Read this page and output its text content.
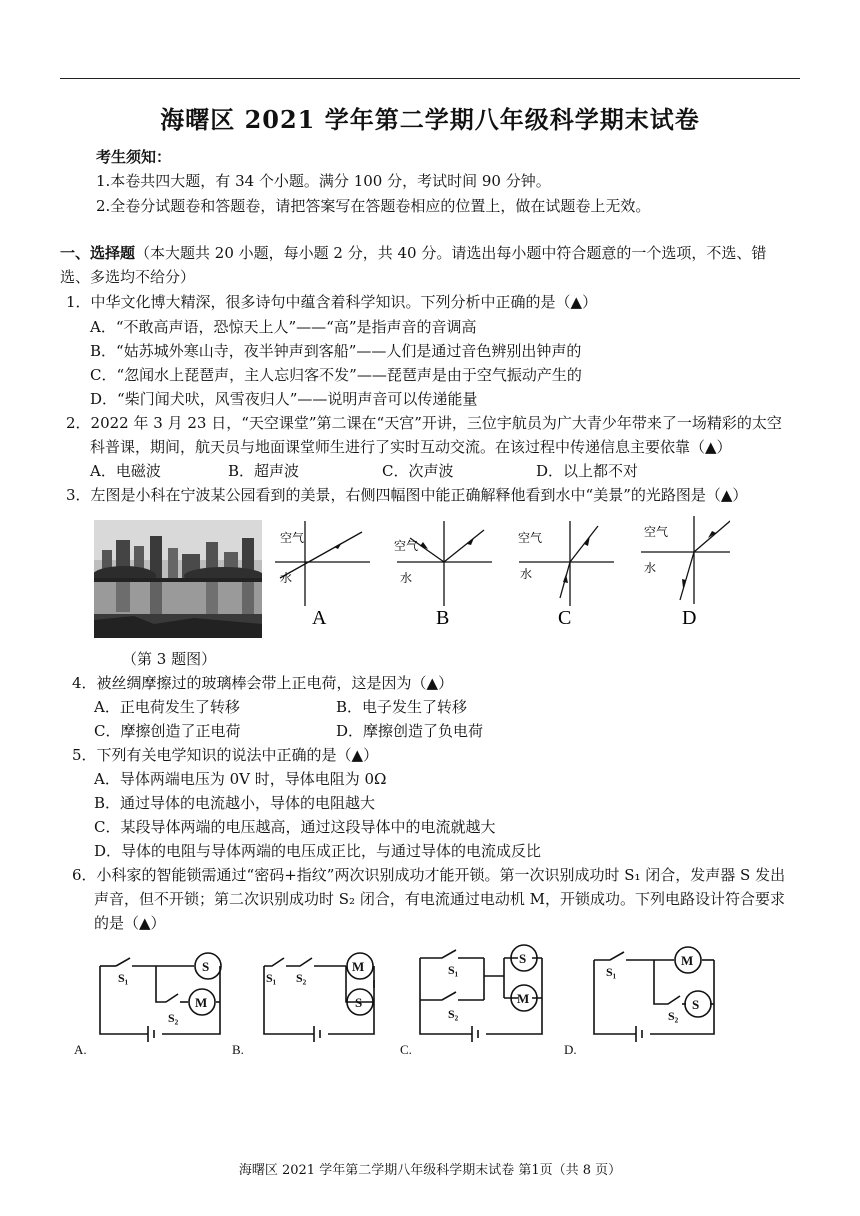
海曙区 2021 学年第二学期八年级科学期末试卷
考生须知：
1.本卷共四大题，有 34 个小题。满分 100 分，考试时间 90 分钟。
2.全卷分试题卷和答题卷，请把答案写在答题卷相应的位置上，做在试题卷上无效。
一、选择题（本大题共 20 小题，每小题 2 分，共 40 分。请选出每小题中符合题意的一个选项，不选、错
选、多选均不给分）
1．中华文化博大精深，很多诗句中蕴含着科学知识。下列分析中正确的是（▲）
A．“不敢高声语，恐惊天上人”——“高”是指声音的音调高
B．“姑苏城外寒山寺，夜半钟声到客船”——人们是通过音色辨别出钟声的
C．“忽闻水上琵琶声，主人忘归客不发”——琵琶声是由于空气振动产生的
D．“柴门闻犬吠，风雪夜归人”——说明声音可以传递能量
2．2022 年 3 月 23 日，“天空课堂”第二课在“天宫”开讲，三位宇航员为广大青少年带来了一场精彩的太空
科普课，期间，航天员与地面课堂师生进行了实时互动交流。在该过程中传递信息主要依靠（▲）
A．电磁波	B．超声波	C．次声波	D．以上都不对
3．左图是小科在宁波某公园看到的美景，右侧四幅图中能正确解释他看到水中“美景”的光路图是（▲）
（第 3 题图）
空气
水
A
空气
水
B
空气
水
C
空气
水
D
4．被丝绸摩擦过的玻璃棒会带上正电荷，这是因为（▲）
A．正电荷发生了转移	B．电子发生了转移
C．摩擦创造了正电荷	D．摩擦创造了负电荷
5．下列有关电学知识的说法中正确的是（▲）
A．导体两端电压为 0V 时，导体电阻为 0Ω
B．通过导体的电流越小，导体的电阻越大
C．某段导体两端的电压越高，通过这段导体中的电流就越大
D．导体的电阻与导体两端的电压成正比，与通过导体的电流成反比
6．小科家的智能锁需通过“密码+指纹”两次识别成功才能开锁。第一次识别成功时 S₁ 闭合，发声器 S 发出
声音，但不开锁；第二次识别成功时 S₂ 闭合，有电流通过电动机 M，开锁成功。下列电路设计符合要求
的是（▲）
S
M
M
S
S
M
M
S
S₁
S₂
S₁ S₂
S₁
S₂
S₁
S₂
A.	B.	C.	D.
海曙区 2021 学年第二学期八年级科学期末试卷 第1页（共 8 页）
